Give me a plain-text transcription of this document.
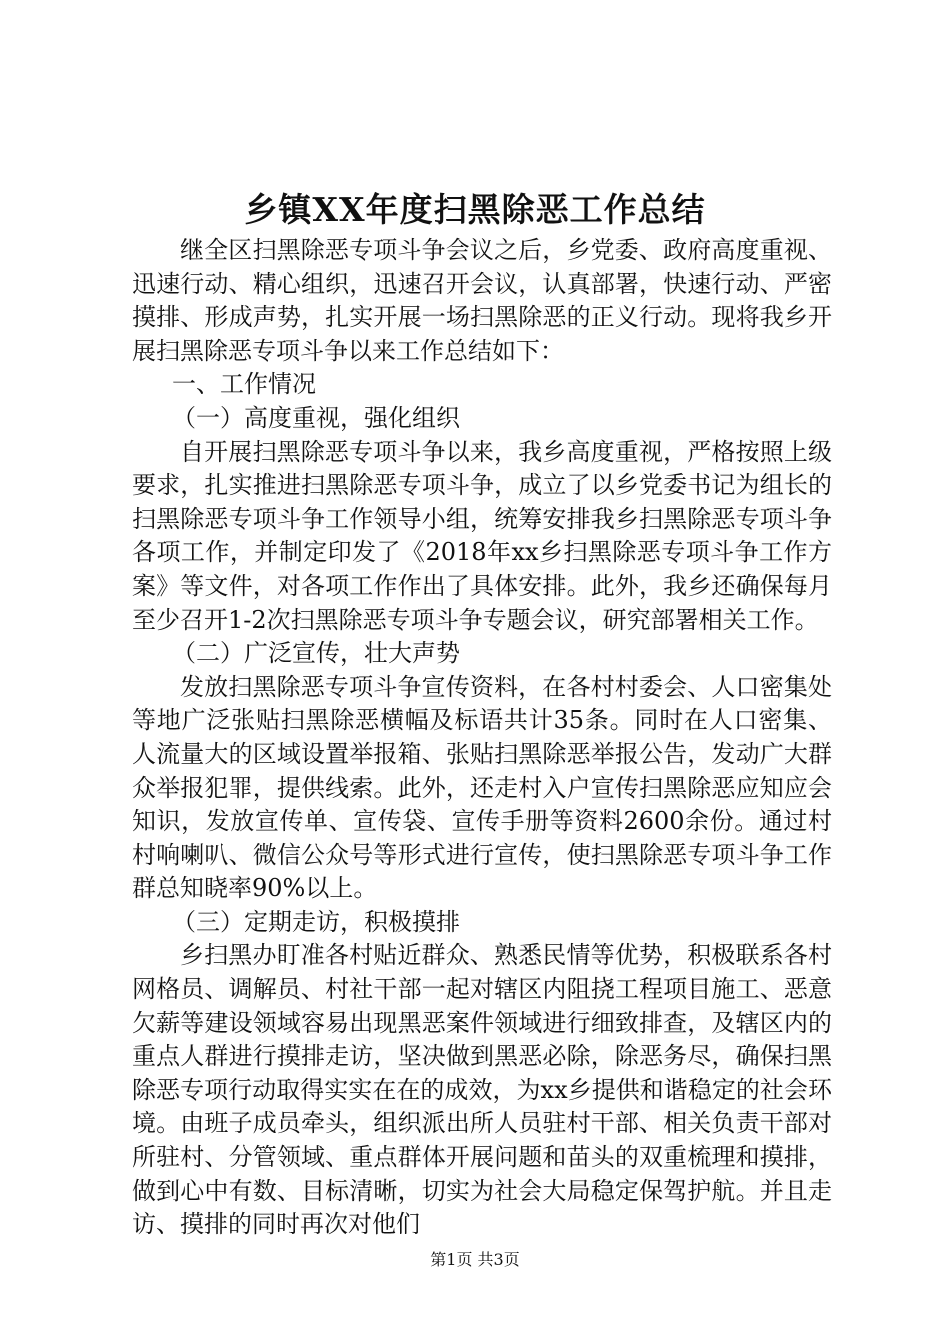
乡镇XX年度扫黑除恶工作总结

继全区扫黑除恶专项斗争会议之后，乡党委、政府高度重视、迅速行动、精心组织，迅速召开会议，认真部署，快速行动、严密摸排、形成声势，扎实开展一场扫黑除恶的正义行动。现将我乡开展扫黑除恶专项斗争以来工作总结如下：

一、工作情况

（一）高度重视，强化组织

自开展扫黑除恶专项斗争以来，我乡高度重视，严格按照上级要求，扎实推进扫黑除恶专项斗争，成立了以乡党委书记为组长的扫黑除恶专项斗争工作领导小组，统筹安排我乡扫黑除恶专项斗争各项工作，并制定印发了《2018年xx乡扫黑除恶专项斗争工作方案》等文件，对各项工作作出了具体安排。此外，我乡还确保每月至少召开1-2次扫黑除恶专项斗争专题会议，研究部署相关工作。

（二）广泛宣传，壮大声势

发放扫黑除恶专项斗争宣传资料，在各村村委会、人口密集处等地广泛张贴扫黑除恶横幅及标语共计35条。同时在人口密集、人流量大的区域设置举报箱、张贴扫黑除恶举报公告，发动广大群众举报犯罪，提供线索。此外，还走村入户宣传扫黑除恶应知应会知识，发放宣传单、宣传袋、宣传手册等资料2600余份。通过村村响喇叭、微信公众号等形式进行宣传，使扫黑除恶专项斗争工作群总知晓率90%以上。

（三）定期走访，积极摸排

乡扫黑办盯准各村贴近群众、熟悉民情等优势，积极联系各村网格员、调解员、村社干部一起对辖区内阻挠工程项目施工、恶意欠薪等建设领域容易出现黑恶案件领域进行细致排查，及辖区内的重点人群进行摸排走访，坚决做到黑恶必除，除恶务尽，确保扫黑除恶专项行动取得实实在在的成效，为xx乡提供和谐稳定的社会环境。由班子成员牵头，组织派出所人员驻村干部、相关负责干部对所驻村、分管领域、重点群体开展问题和苗头的双重梳理和摸排，做到心中有数、目标清晰，切实为社会大局稳定保驾护航。并且走访、摸排的同时再次对他们

第1页 共3页
